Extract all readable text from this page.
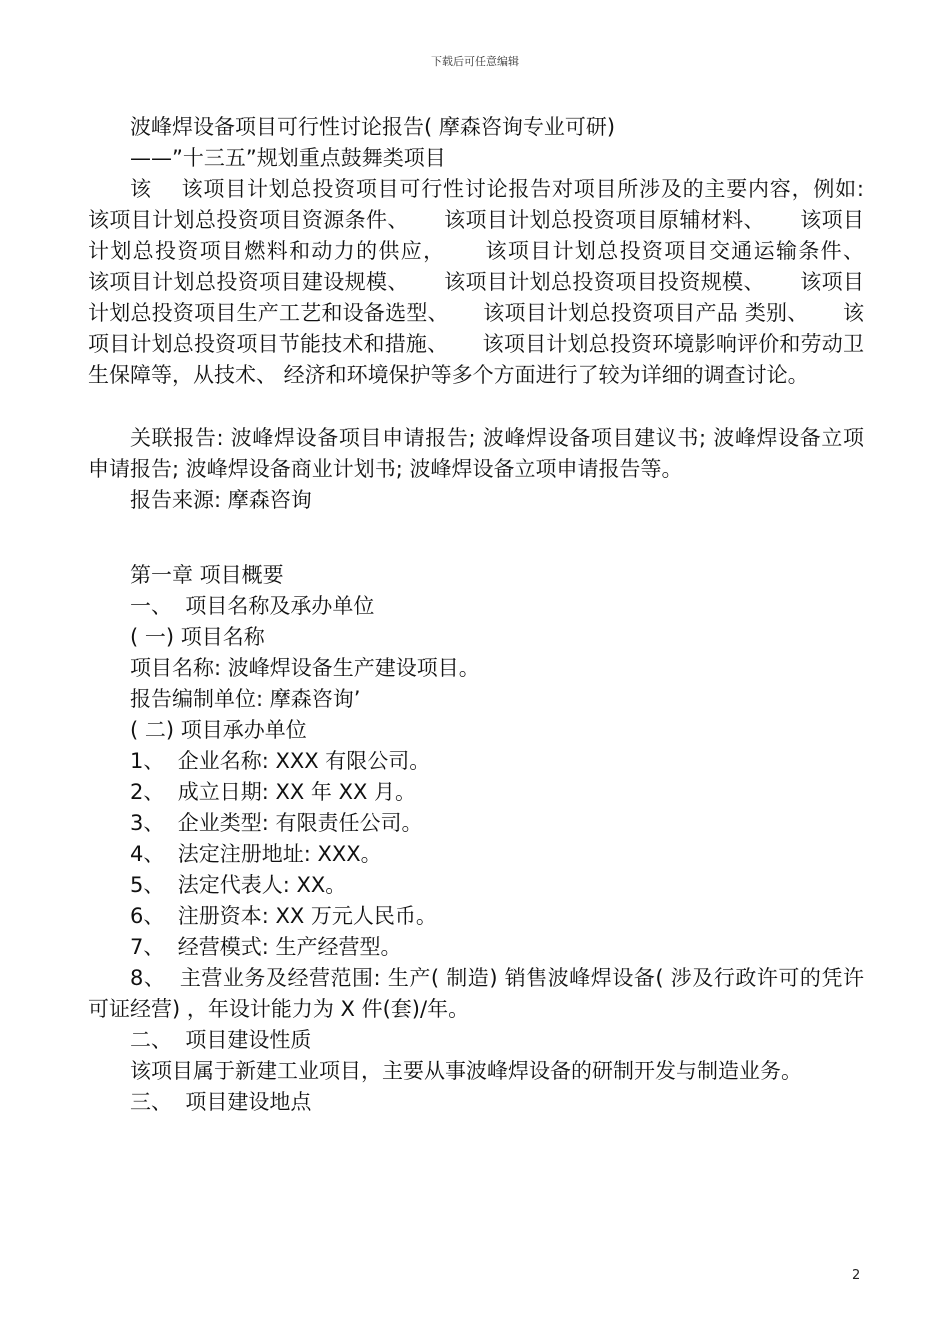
下载后可任意编辑

波峰焊设备项目可行性讨论报告( 摩森咨询专业可研)

——”十三五”规划重点鼓舞类项目

该    该项目计划总投资项目可行性讨论报告对项目所涉及的主要内容，例如:     该项目计划总投资项目资源条件、     该项目计划总投资项目原辅材料、     该项目计划总投资项目燃料和动力的供应，     该项目计划总投资项目交通运输条件、     该项目计划总投资项目建设规模、     该项目计划总投资项目投资规模、     该项目计划总投资项目生产工艺和设备选型、     该项目计划总投资项目产品 类别、     该项目计划总投资项目节能技术和措施、     该项目计划总投资环境影响评价和劳动卫生保障等，从技术、 经济和环境保护等多个方面进行了较为详细的调查讨论。

关联报告: 波峰焊设备项目申请报告; 波峰焊设备项目建议书; 波峰焊设备立项申请报告; 波峰焊设备商业计划书; 波峰焊设备立项申请报告等。

报告来源: 摩森咨询

第一章 项目概要

一、  项目名称及承办单位

( 一) 项目名称

项目名称: 波峰焊设备生产建设项目。

报告编制单位: 摩森咨询’

( 二) 项目承办单位

1、  企业名称: XXX 有限公司。

2、  成立日期: XX 年 XX 月。

3、  企业类型: 有限责任公司。

4、  法定注册地址: XXX。

5、  法定代表人: XX。

6、  注册资本: XX 万元人民币。

7、  经营模式: 生产经营型。

8、  主营业务及经营范围: 生产( 制造) 销售波峰焊设备( 涉及行政许可的凭许可证经营) ，年设计能力为 X 件(套)/年。

二、  项目建设性质

该项目属于新建工业项目，主要从事波峰焊设备的研制开发与制造业务。

三、  项目建设地点

2
